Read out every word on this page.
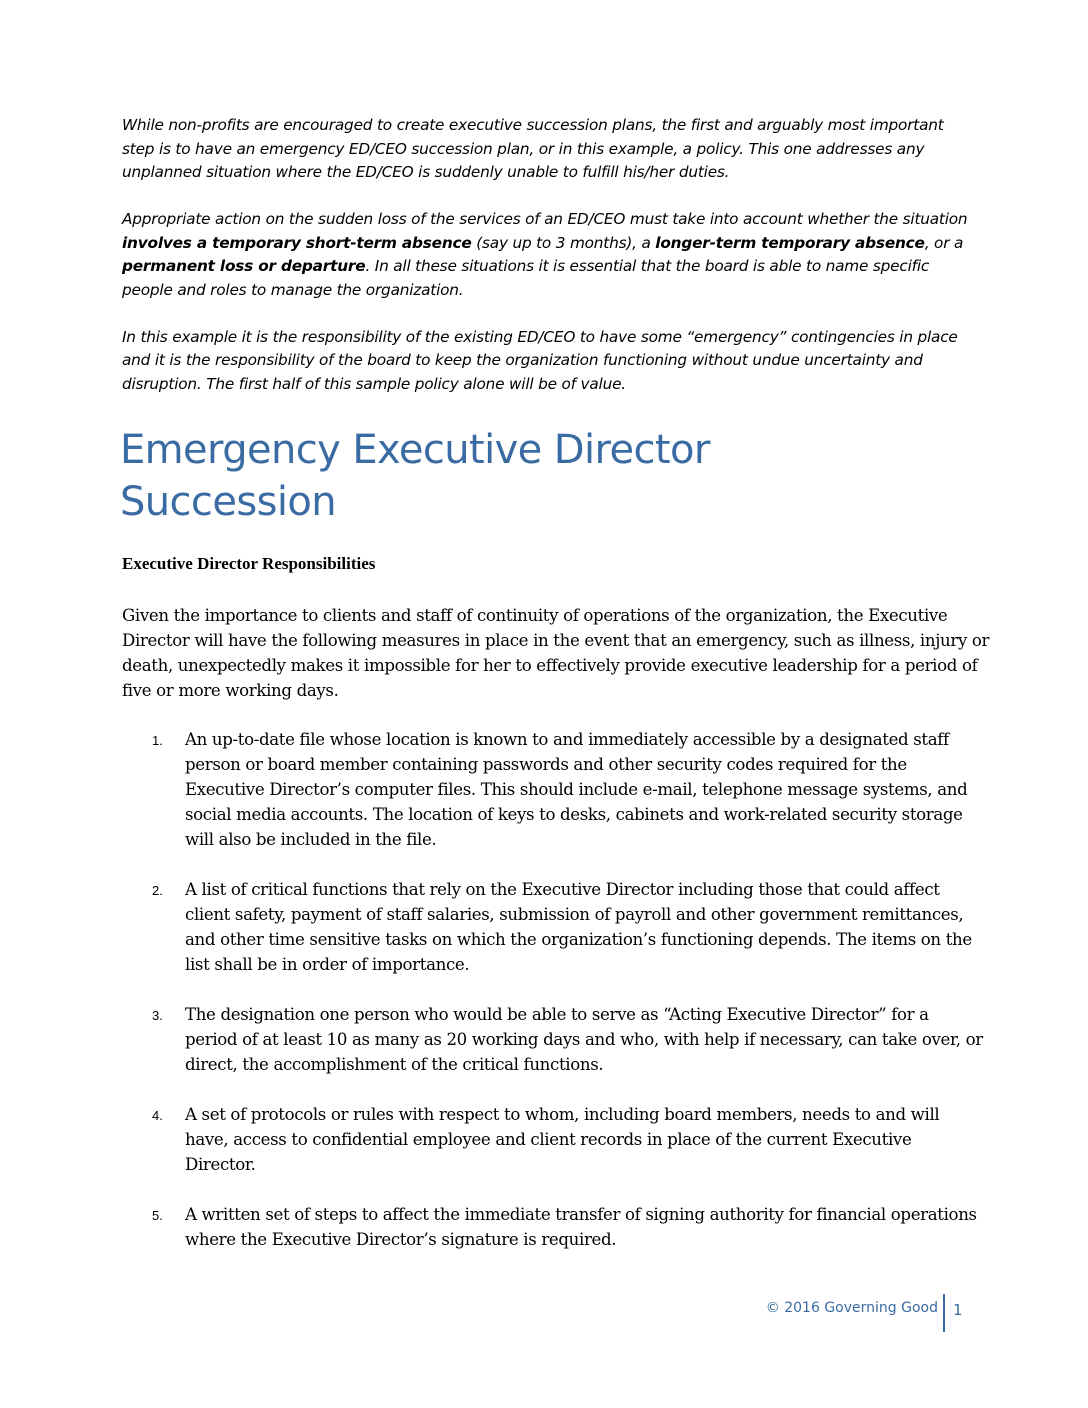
While non-profits are encouraged to create executive succession plans, the first and arguably most important step is to have an emergency ED/CEO succession plan, or in this example, a policy. This one addresses any unplanned situation where the ED/CEO is suddenly unable to fulfill his/her duties.

Appropriate action on the sudden loss of the services of an ED/CEO must take into account whether the situation involves a temporary short-term absence (say up to 3 months), a longer-term temporary absence, or a permanent loss or departure. In all these situations it is essential that the board is able to name specific people and roles to manage the organization.

In this example it is the responsibility of the existing ED/CEO to have some “emergency” contingencies in place and it is the responsibility of the board to keep the organization functioning without undue uncertainty and disruption. The first half of this sample policy alone will be of value.

Emergency Executive Director
Succession
Executive Director Responsibilities

Given the importance to clients and staff of continuity of operations of the organization, the Executive Director will have the following measures in place in the event that an emergency, such as illness, injury or death, unexpectedly makes it impossible for her to effectively provide executive leadership for a period of five or more working days.

1. An up-to-date file whose location is known to and immediately accessible by a designated staff person or board member containing passwords and other security codes required for the Executive Director’s computer files. This should include e-mail, telephone message systems, and social media accounts. The location of keys to desks, cabinets and work-related security storage will also be included in the file.
2. A list of critical functions that rely on the Executive Director including those that could affect client safety, payment of staff salaries, submission of payroll and other government remittances, and other time sensitive tasks on which the organization’s functioning depends. The items on the list shall be in order of importance.
3. The designation one person who would be able to serve as “Acting Executive Director” for a period of at least 10 as many as 20 working days and who, with help if necessary, can take over, or direct, the accomplishment of the critical functions.
4. A set of protocols or rules with respect to whom, including board members, needs to and will have, access to confidential employee and client records in place of the current Executive Director.
5. A written set of steps to affect the immediate transfer of signing authority for financial operations where the Executive Director’s signature is required.
© 2016 Governing Good 1
